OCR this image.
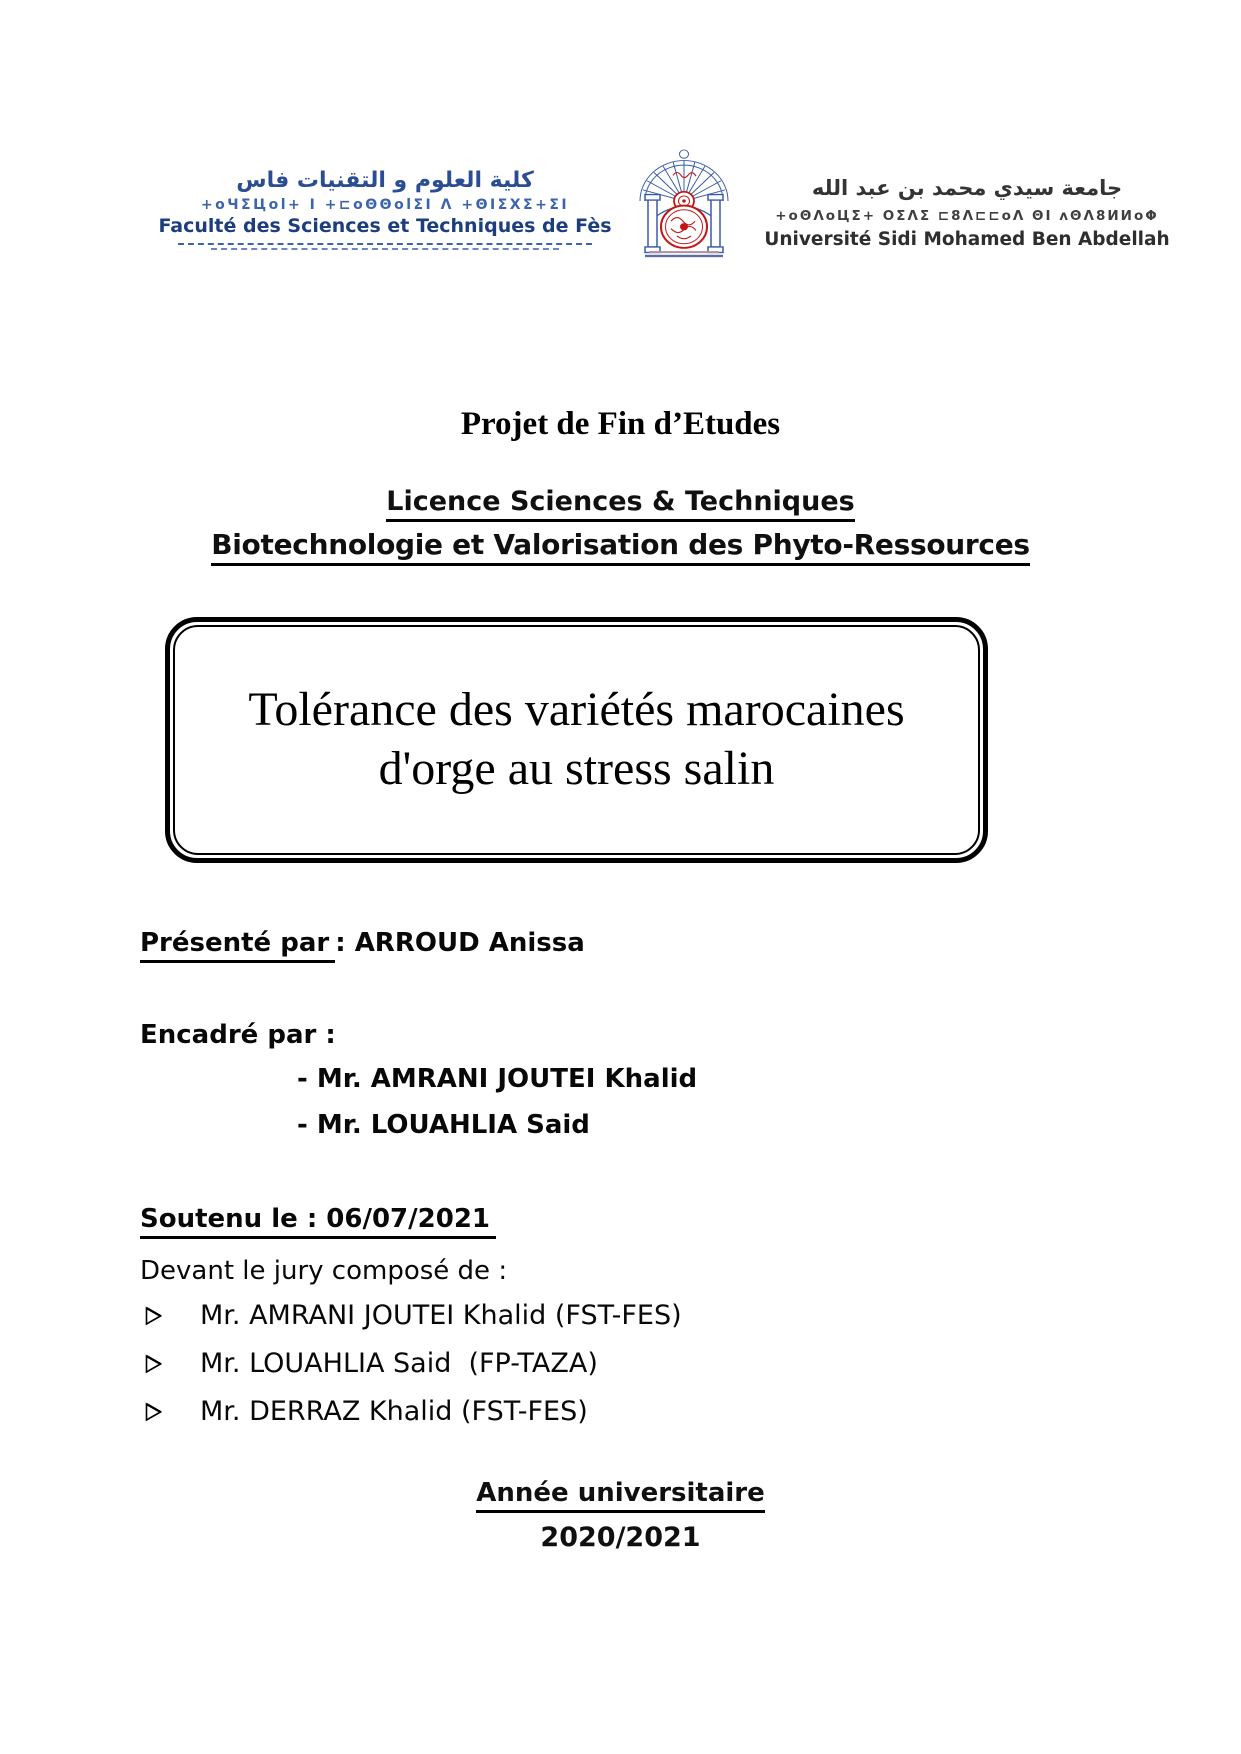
كلية العلوم و التقنيات فاس
+oЧΣЦol+ Ι +⊏oΘΘolΣΙ Λ +ΘΙΣΧΣ+ΣΙ
Faculté des Sciences et Techniques de Fès
جامعة سيدي محمد بن عبد الله
+oΘΛoЦΣ+ ΟΣΛΣ ⊏8Λ⊏⊏oΛ ΘΙ ʌΘΛ8ИИoΦ
Université Sidi Mohamed Ben Abdellah
Projet de Fin d’Etudes
Licence Sciences & Techniques
Biotechnologie et Valorisation des Phyto-Ressources
Tolérance des variétés marocaines
d'orge au stress salin
Présenté par : ARROUD Anissa
Encadré par :
- Mr. AMRANI JOUTEI Khalid
- Mr. LOUAHLIA Said
Soutenu le : 06/07/2021
Devant le jury composé de :
Mr. AMRANI JOUTEI Khalid (FST-FES)
Mr. LOUAHLIA Said  (FP-TAZA)
Mr. DERRAZ Khalid (FST-FES)
Année universitaire
2020/2021
